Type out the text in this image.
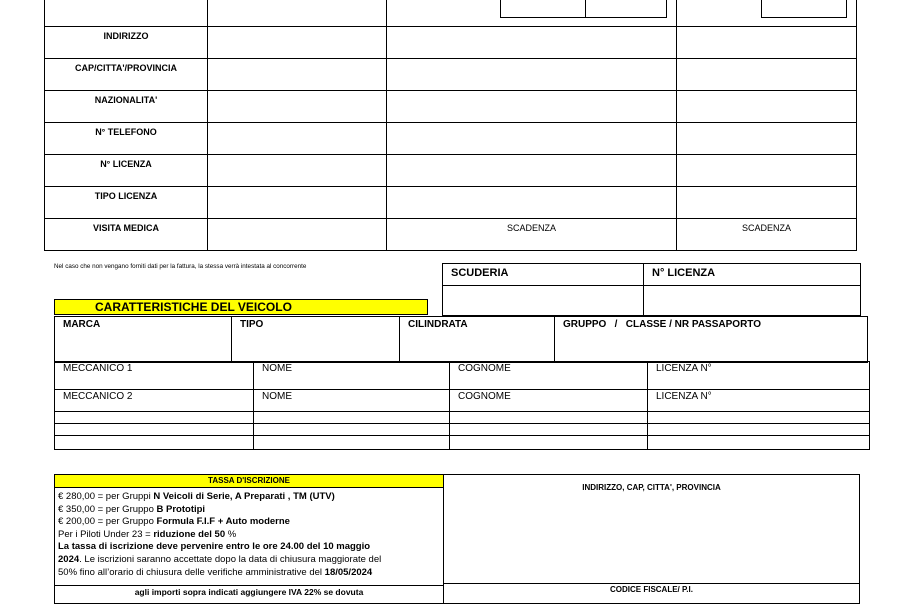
INDIRIZZO			
CAP/CITTA'/PROVINCIA			
NAZIONALITA'			
N° TELEFONO			
N° LICENZA			
TIPO LICENZA			
VISITA MEDICA		SCADENZA	SCADENZA
Nel caso che non vengano forniti dati per la fattura, la stessa verrà intestata al concorrente
SCUDERIA	N° LICENZA

CARATTERISTICHE DEL VEICOLO
MARCA	TIPO	CILINDRATA	GRUPPO   /   CLASSE / NR PASSAPORTO
MECCANICO 1	NOME	COGNOME	LICENZA N°
MECCANICO 2	NOME	COGNOME	LICENZA N°

TASSA D'ISCRIZIONE
€ 280,00 = per Gruppi N Veicoli di Serie, A Preparati , TM (UTV)
€ 350,00 = per Gruppo B Prototipi
€ 200,00 = per Gruppo Formula F.I.F + Auto moderne
Per i Piloti Under 23 = riduzione del 50 %
La tassa di iscrizione deve pervenire entro le ore 24.00 del 10 maggio
2024. Le iscrizioni saranno accettate dopo la data di chiusura maggiorate del
50% fino all’orario di chiusura delle verifiche amministrative del 18/05/2024
agli importi sopra indicati aggiungere IVA 22% se dovuta
INDIRIZZO, CAP, CITTA', PROVINCIA
CODICE FISCALE/ P.I.
